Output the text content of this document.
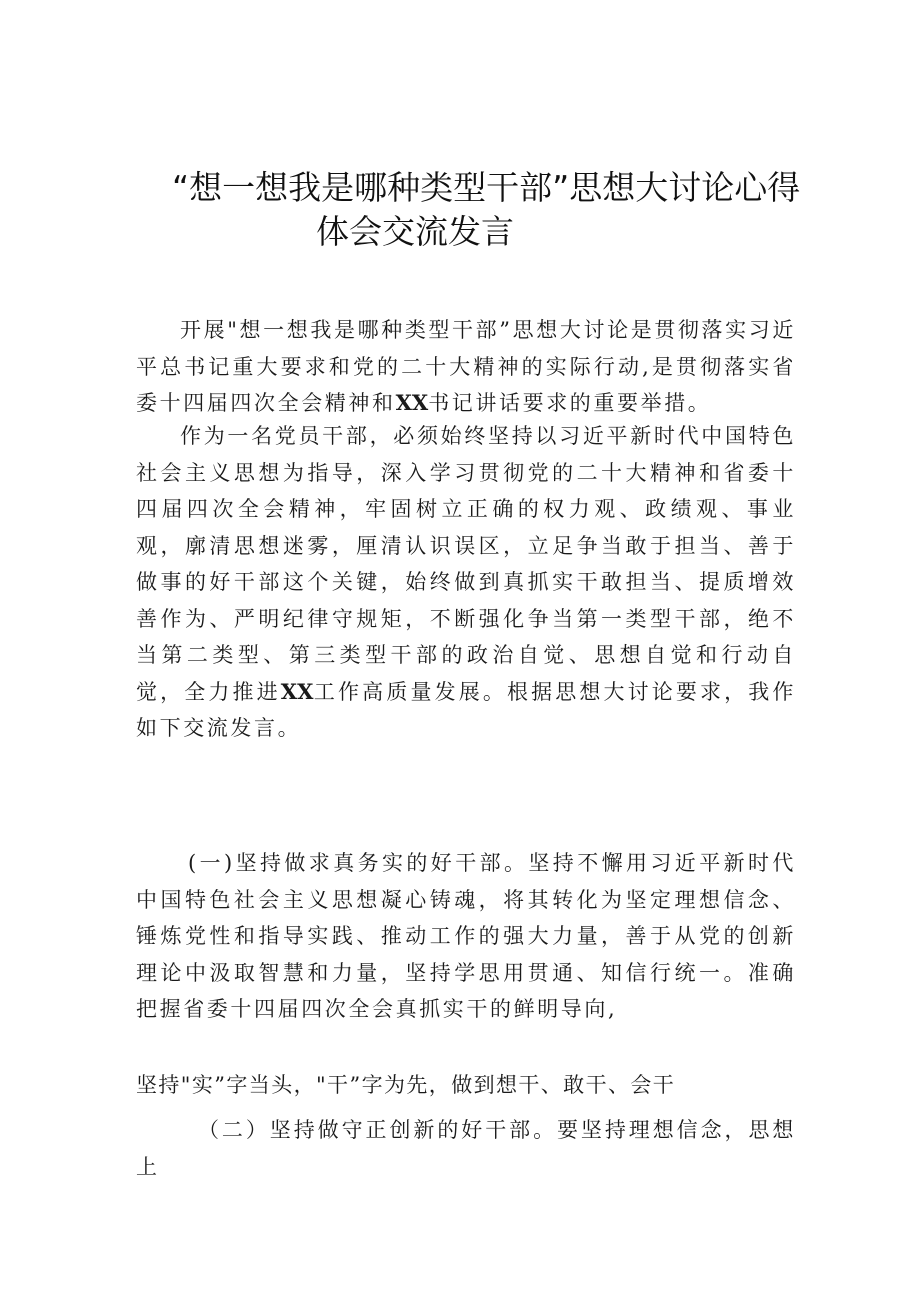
“想一想我是哪种类型干部”思想大讨论心得
体会交流发言

开展"想一想我是哪种类型干部”思想大讨论是贯彻落实习近平总书记重大要求和党的二十大精神的实际行动,是贯彻落实省委十四届四次全会精神和XX书记讲话要求的重要举措。

作为一名党员干部，必须始终坚持以习近平新时代中国特色社会主义思想为指导，深入学习贯彻党的二十大精神和省委十四届四次全会精神，牢固树立正确的权力观、政绩观、事业观，廓清思想迷雾，厘清认识误区，立足争当敢于担当、善于做事的好干部这个关键，始终做到真抓实干敢担当、提质增效善作为、严明纪律守规矩，不断强化争当第一类型干部，绝不当第二类型、第三类型干部的政治自觉、思想自觉和行动自觉，全力推进XX工作高质量发展。根据思想大讨论要求，我作如下交流发言。

(一)坚持做求真务实的好干部。坚持不懈用习近平新时代中国特色社会主义思想凝心铸魂，将其转化为坚定理想信念、锤炼党性和指导实践、推动工作的强大力量，善于从党的创新理论中汲取智慧和力量，坚持学思用贯通、知信行统一。准确把握省委十四届四次全会真抓实干的鲜明导向,

坚持"实”字当头，"干”字为先，做到想干、敢干、会干

（二）坚持做守正创新的好干部。要坚持理想信念，思想上
